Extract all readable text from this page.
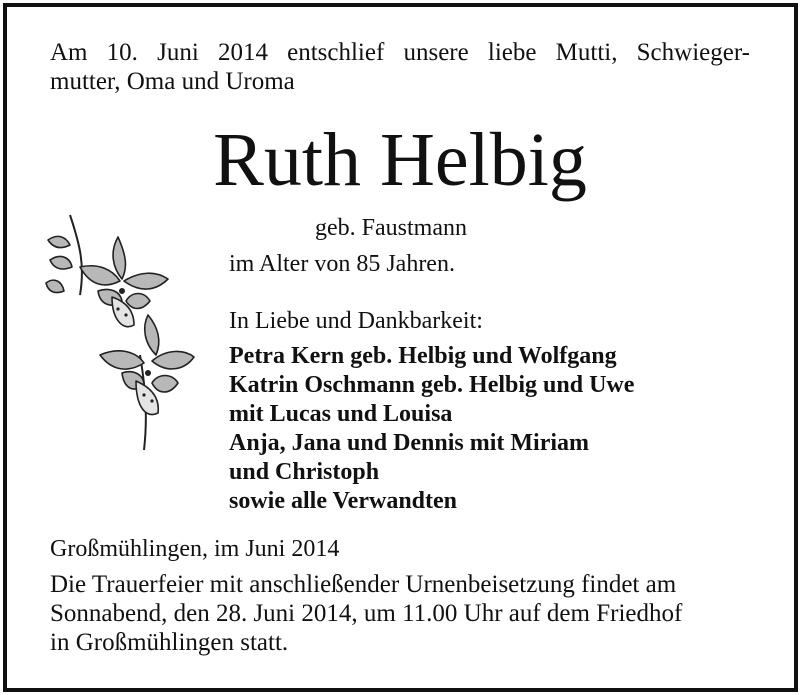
Am 10. Juni 2014 entschlief unsere liebe Mutti, Schwieger-
mutter, Oma und Uroma
Ruth Helbig
geb. Faustmann
im Alter von 85 Jahren.
In Liebe und Dankbarkeit:
Petra Kern geb. Helbig und Wolfgang
Katrin Oschmann geb. Helbig und Uwe
mit Lucas und Louisa
Anja, Jana und Dennis mit Miriam
und Christoph
sowie alle Verwandten
Großmühlingen, im Juni 2014
Die Trauerfeier mit anschließender Urnenbeisetzung findet am
Sonnabend, den 28. Juni 2014, um 11.00 Uhr auf dem Friedhof
in Großmühlingen statt.
